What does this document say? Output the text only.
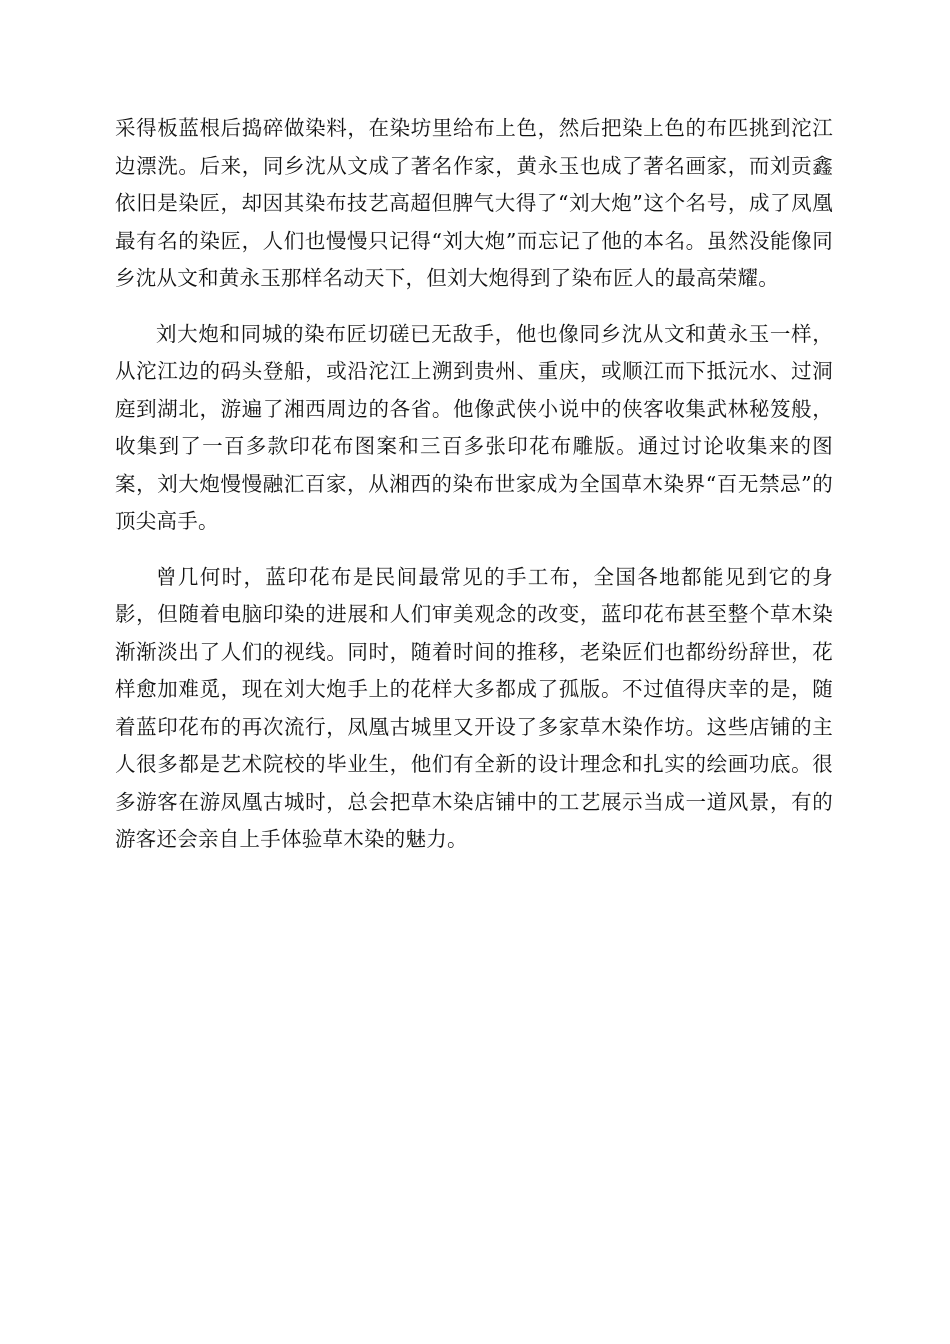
采得板蓝根后捣碎做染料，在染坊里给布上色，然后把染上色的布匹挑到沱江边漂洗。后来，同乡沈从文成了著名作家，黄永玉也成了著名画家，而刘贡鑫依旧是染匠，却因其染布技艺高超但脾气大得了“刘大炮”这个名号，成了凤凰最有名的染匠，人们也慢慢只记得“刘大炮”而忘记了他的本名。虽然没能像同乡沈从文和黄永玉那样名动天下，但刘大炮得到了染布匠人的最高荣耀。

刘大炮和同城的染布匠切磋已无敌手，他也像同乡沈从文和黄永玉一样，从沱江边的码头登船，或沿沱江上溯到贵州、重庆，或顺江而下抵沅水、过洞庭到湖北，游遍了湘西周边的各省。他像武侠小说中的侠客收集武林秘笈般，收集到了一百多款印花布图案和三百多张印花布雕版。通过讨论收集来的图案，刘大炮慢慢融汇百家，从湘西的染布世家成为全国草木染界“百无禁忌”的顶尖高手。

曾几何时，蓝印花布是民间最常见的手工布，全国各地都能见到它的身影，但随着电脑印染的进展和人们审美观念的改变，蓝印花布甚至整个草木染渐渐淡出了人们的视线。同时，随着时间的推移，老染匠们也都纷纷辞世，花样愈加难觅，现在刘大炮手上的花样大多都成了孤版。不过值得庆幸的是，随着蓝印花布的再次流行，凤凰古城里又开设了多家草木染作坊。这些店铺的主人很多都是艺术院校的毕业生，他们有全新的设计理念和扎实的绘画功底。很多游客在游凤凰古城时，总会把草木染店铺中的工艺展示当成一道风景，有的游客还会亲自上手体验草木染的魅力。
